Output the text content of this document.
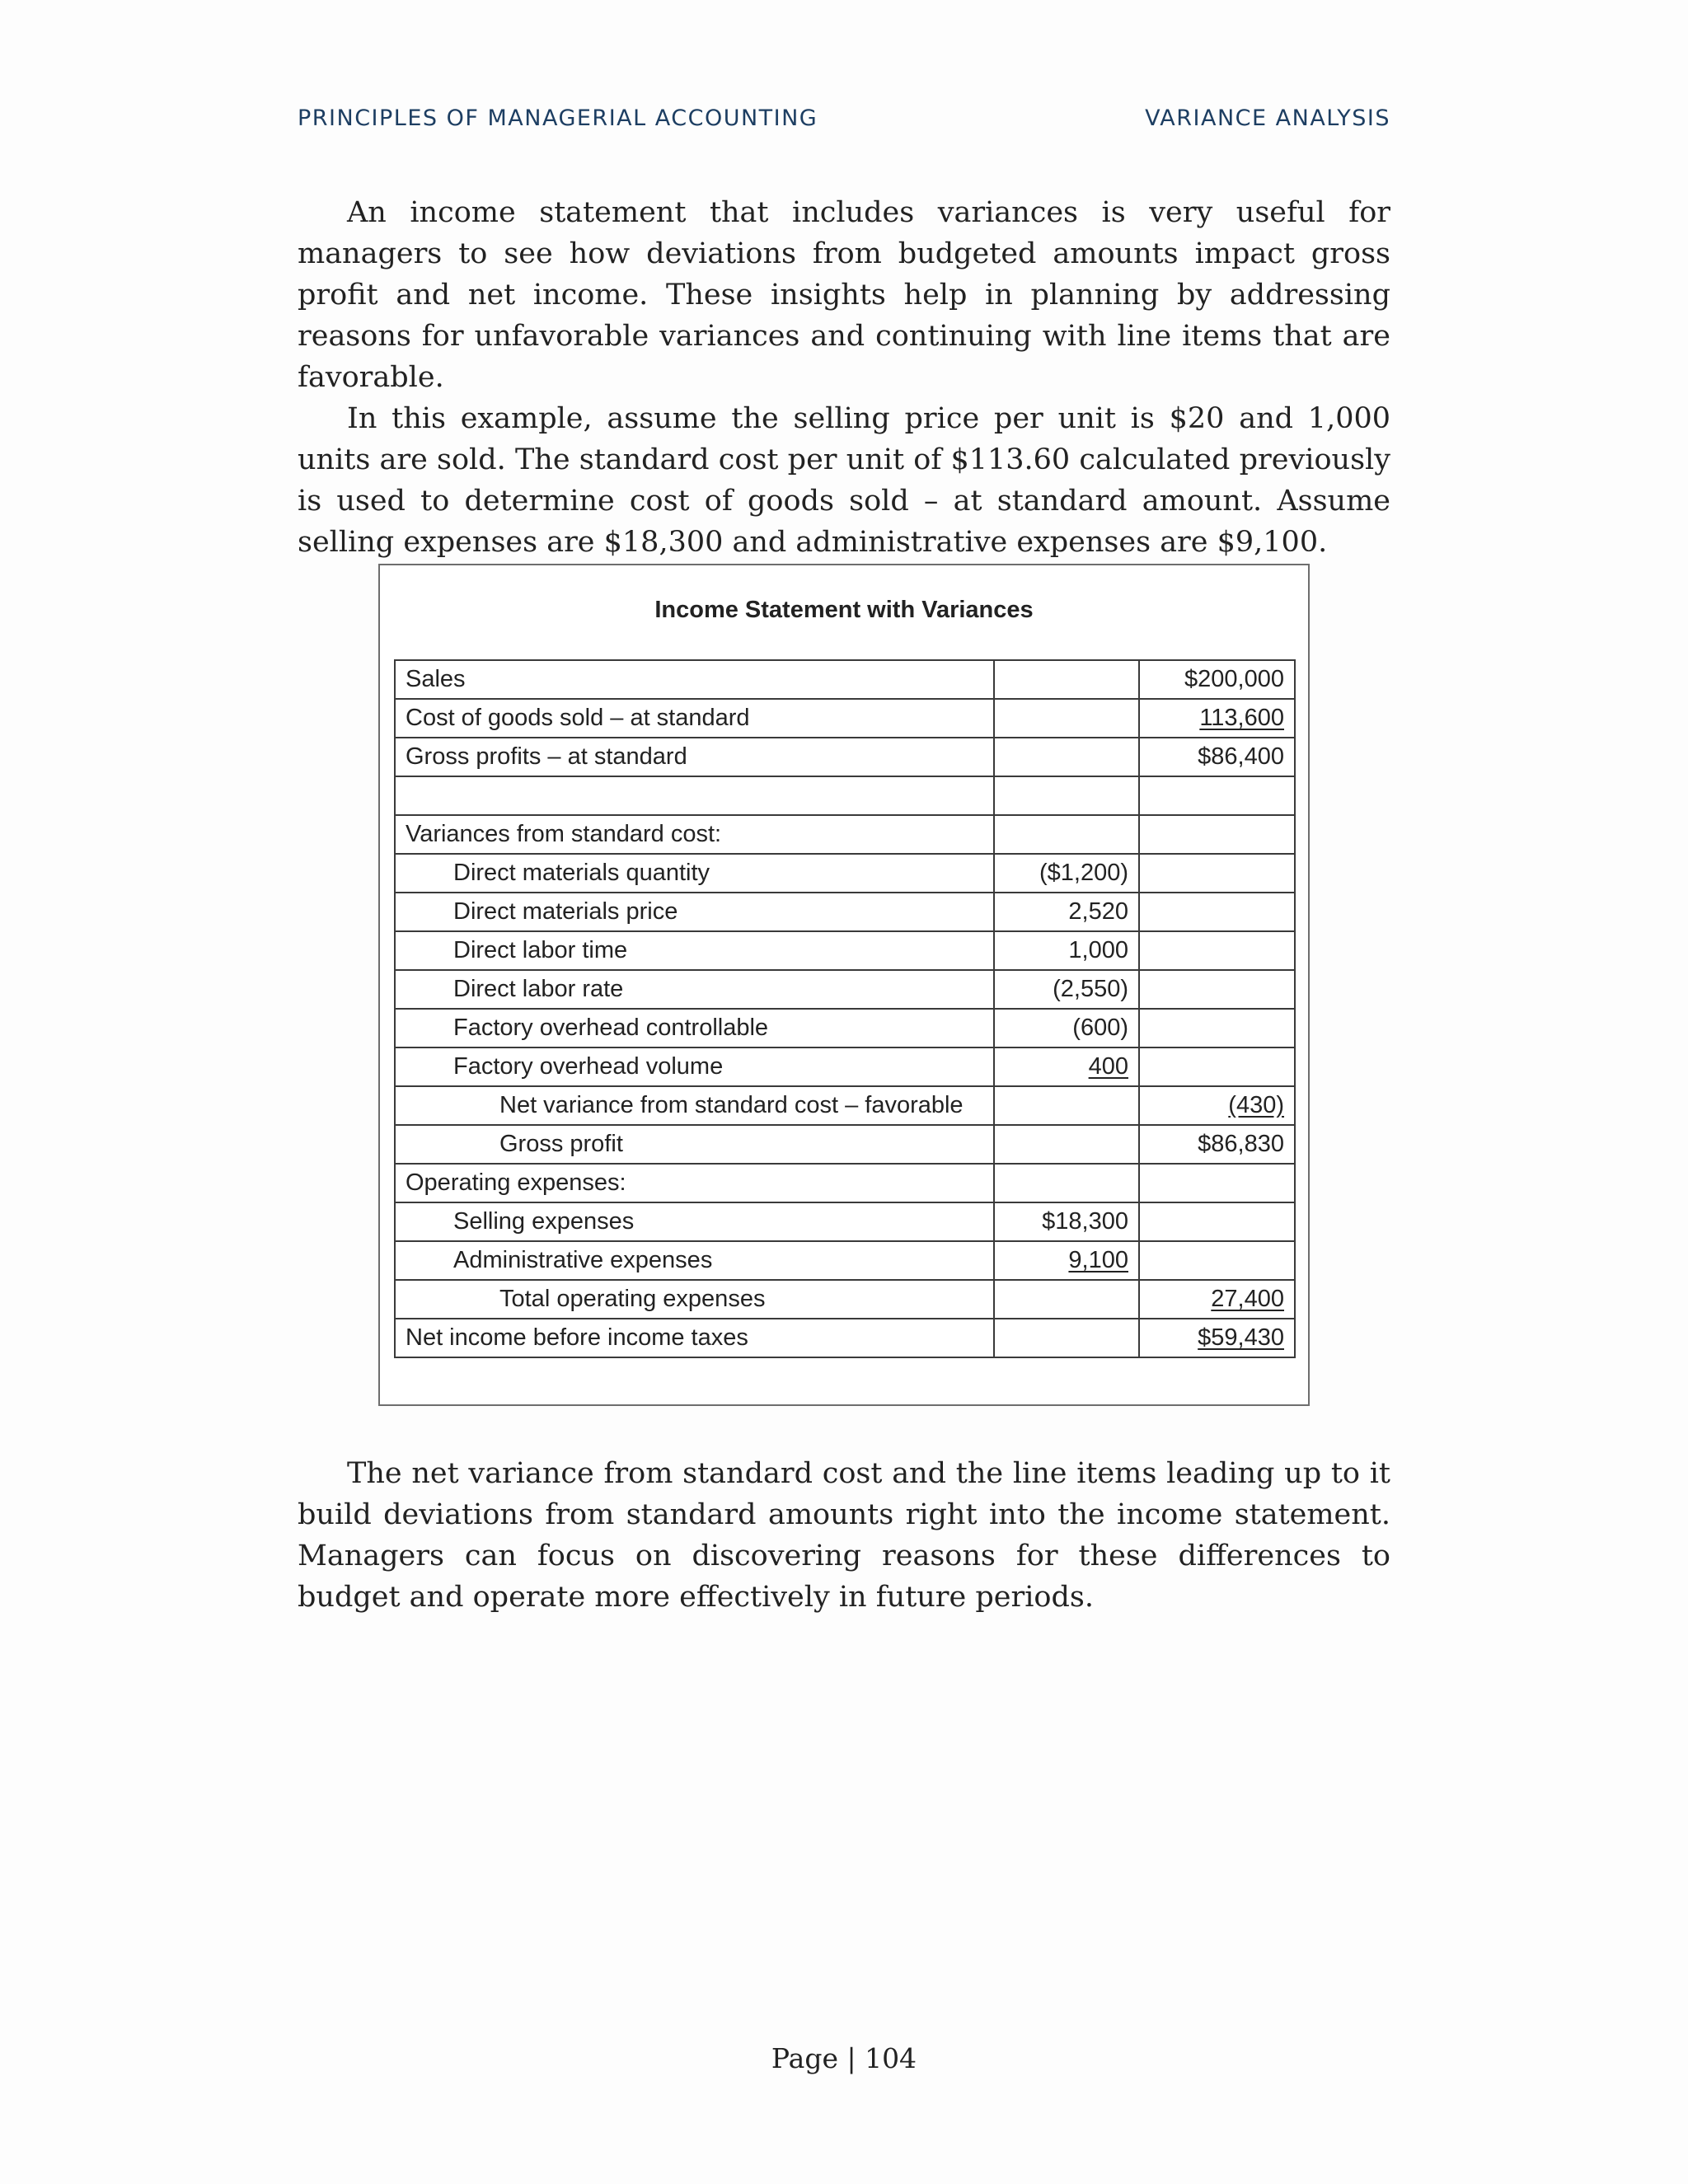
PRINCIPLES OF MANAGERIAL ACCOUNTING	VARIANCE ANALYSIS

An income statement that includes variances is very useful for managers to see how deviations from budgeted amounts impact gross profit and net income. These insights help in planning by addressing reasons for unfavorable variances and continuing with line items that are favorable.

In this example, assume the selling price per unit is $20 and 1,000 units are sold. The standard cost per unit of $113.60 calculated previously is used to determine cost of goods sold – at standard amount. Assume selling expenses are $18,300 and administrative expenses are $9,100.

Income Statement with Variances
Sales		$200,000
Cost of goods sold – at standard		113,600
Gross profits – at standard		$86,400

Variances from standard cost:		
Direct materials quantity	($1,200)	
Direct materials price	2,520	
Direct labor time	1,000	
Direct labor rate	(2,550)	
Factory overhead controllable	(600)	
Factory overhead volume	400	
Net variance from standard cost – favorable		(430)
Gross profit		$86,830
Operating expenses:		
Selling expenses	$18,300	
Administrative expenses	9,100	
Total operating expenses		27,400
Net income before income taxes		$59,430

The net variance from standard cost and the line items leading up to it build deviations from standard amounts right into the income statement. Managers can focus on discovering reasons for these differences to budget and operate more effectively in future periods.

Page | 104
